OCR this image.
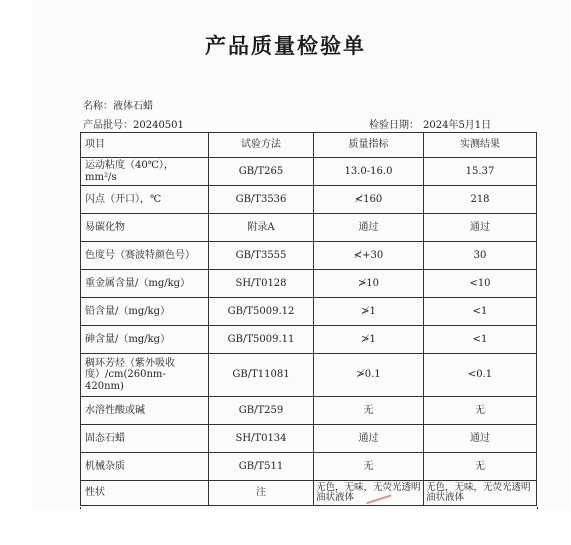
产品质量检验单
名称：液体石蜡
产品批号：20240501	检验日期： 2024年5月1日
项目	试验方法	质量指标	实测结果
运动粘度（40℃），mm²/s	GB/T265	13.0-16.0	15.37
闪点（开口），℃	GB/T3536	≮160	218
易碳化物	附录A	通过	通过
色度号（赛波特颜色号）	GB/T3555	≮+30	30
重金属含量/（mg/kg）	SH/T0128	≯10	<10
铅含量/（mg/kg）	GB/T5009.12	≯1	<1
砷含量/（mg/kg）	GB/T5009.11	≯1	<1
稠环芳烃（紫外吸收度）/cm(260nm-420nm)	GB/T11081	≯0.1	<0.1
水溶性酸或碱	GB/T259	无	无
固态石蜡	SH/T0134	通过	通过
机械杂质	GB/T511	无	无
性状	注	无色，无味，无荧光透明油状液体	无色，无味，无荧光透明油状液体
